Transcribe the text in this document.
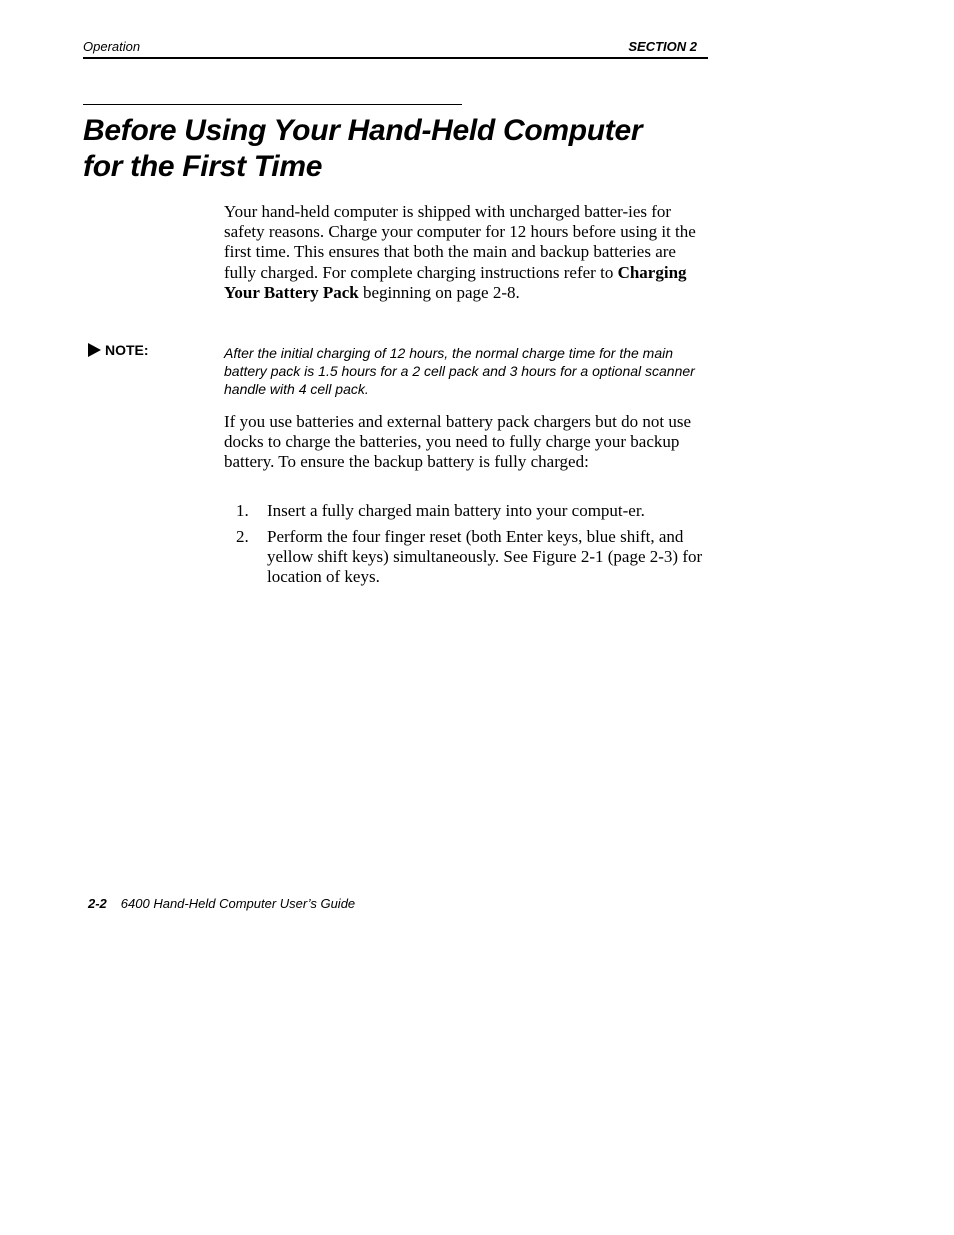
Operation	SECTION 2
Before Using Your Hand-Held Computer
for the First Time

Your hand-held computer is shipped with uncharged batter-ies for safety reasons. Charge your computer for 12 hours before using it the first time. This ensures that both the main and backup batteries are fully charged. For complete charging instructions refer to Charging Your Battery Pack beginning on page 2-8.

NOTE:	After the initial charging of 12 hours, the normal charge time for the main battery pack is 1.5 hours for a 2 cell pack and 3 hours for a optional scanner handle with 4 cell pack.

If you use batteries and external battery pack chargers but do not use docks to charge the batteries, you need to fully charge your backup battery. To ensure the backup battery is fully charged:

1. Insert a fully charged main battery into your comput-er.
2. Perform the four finger reset (both Enter keys, blue shift, and yellow shift keys) simultaneously. See Figure 2-1 (page 2-3) for location of keys.
2-2 6400 Hand-Held Computer User’s Guide
